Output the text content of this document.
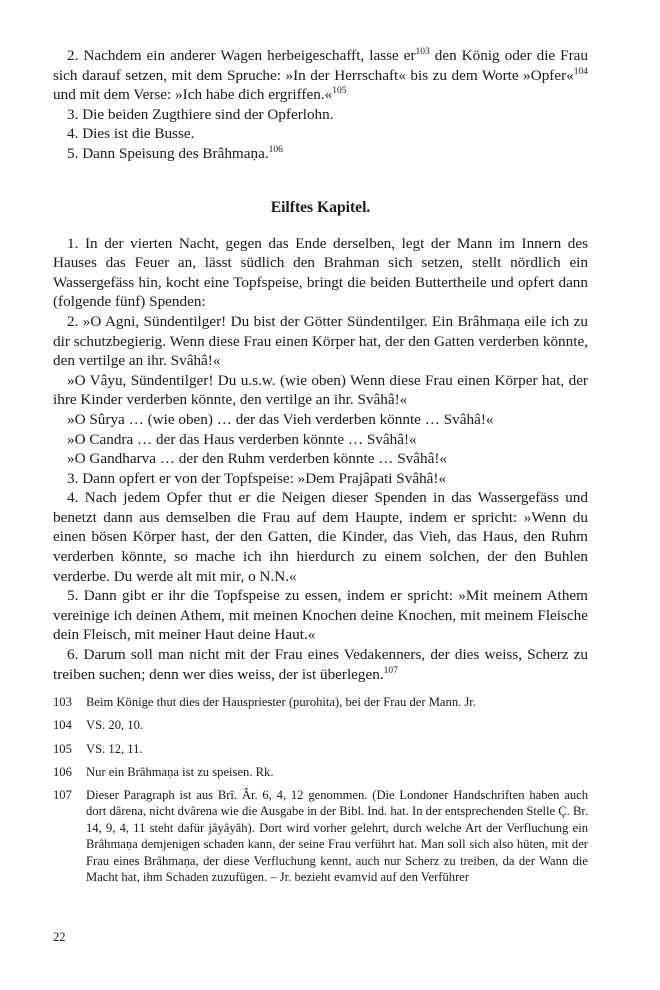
2. Nachdem ein anderer Wagen herbeigeschafft, lasse $er^{103}$ den König oder die Frau sich darauf setzen, mit dem Spruche: »In der Herrschaft« bis zu dem Worte »Opfer«$^{104}$ und mit dem Verse: »Ich habe dich ergriffen.«$^{105}$

3. Die beiden Zugthiere sind der Opferlohn.

4. Dies ist die Busse.

5. Dann Speisung des Brâhmaṇa.$^{106}$

Eilftes Kapitel.

1. In der vierten Nacht, gegen das Ende derselben, legt der Mann im Innern des Hauses das Feuer an, lässt südlich den Brahman sich setzen, stellt nördlich ein Wassergefäss hin, kocht eine Topfspeise, bringt die beiden Buttertheile und opfert dann (folgende fünf) Spenden:

2. »O Agni, Sündentilger! Du bist der Götter Sündentilger. Ein Brâhmaṇa eile ich zu dir schutzbegierig. Wenn diese Frau einen Körper hat, der den Gatten verderben könnte, den vertilge an ihr. Svâhâ!«

»O Vâyu, Sündentilger! Du u.s.w. (wie oben) Wenn diese Frau einen Körper hat, der ihre Kinder verderben könnte, den vertilge an ihr. Svâhâ!«

»O Sûrya … (wie oben) … der das Vieh verderben könnte … Svâhâ!«

»O Candra … der das Haus verderben könnte … Svâhâ!«

»O Gandharva … der den Ruhm verderben könnte … Svâhâ!«

3. Dann opfert er von der Topfspeise: »Dem Prajâpati Svâhâ!«

4. Nach jedem Opfer thut er die Neigen dieser Spenden in das Wassergefäss und benetzt dann aus demselben die Frau auf dem Haupte, indem er spricht: »Wenn du einen bösen Körper hast, der den Gatten, die Kinder, das Vieh, das Haus, den Ruhm verderben könnte, so mache ich ihn hierdurch zu einem solchen, der den Buhlen verderbe. Du werde alt mit mir, o N.N.«

5. Dann gibt er ihr die Topfspeise zu essen, indem er spricht: »Mit meinem Athem vereinige ich deinen Athem, mit meinen Knochen deine Knochen, mit meinem Fleische dein Fleisch, mit meiner Haut deine Haut.«

6. Darum soll man nicht mit der Frau eines Vedakenners, der dies weiss, Scherz zu treiben suchen; denn wer dies weiss, der ist überlegen.$^{107}$

103	Beim Könige thut dies der Hauspriester (purohita), bei der Frau der Mann. Jr.
104	VS. 20, 10.
105	VS. 12, 11.
106	Nur ein Brâhmaṇa ist zu speisen. Rk.
107	Dieser Paragraph ist aus Brî. Âr. 6, 4, 12 genommen. (Die Londoner Handschriften haben auch dort dârena, nicht dvârena wie die Ausgabe in der Bibl. Ind. hat. In der entsprechenden Stelle Ç. Br. 14, 9, 4, 11 steht dafür jâyâyâh). Dort wird vorher gelehrt, durch welche Art der Verfluchung ein Brâhmaṇa demjenigen schaden kann, der seine Frau verführt hat. Man soll sich also hüten, mit der Frau eines Brâhmaṇa, der diese Verfluchung kennt, auch nur Scherz zu treiben, da der Wann die Macht hat, ihm Schaden zuzufügen. – Jr. bezieht evamvid auf den Verführer
22
